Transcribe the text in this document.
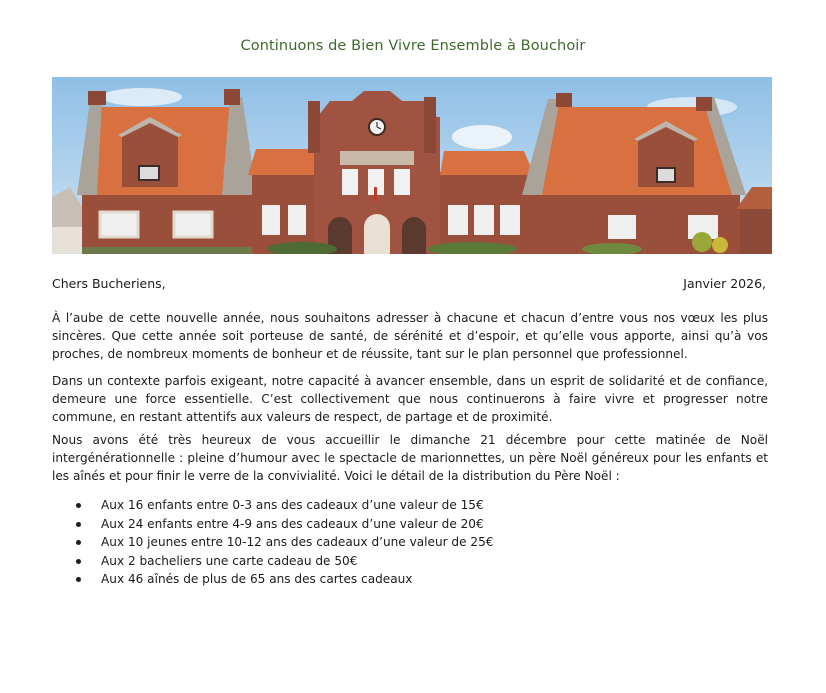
Continuons de Bien Vivre Ensemble à Bouchoir
Chers Bucheriens,	Janvier 2026,
À l’aube de cette nouvelle année, nous souhaitons adresser à chacune et chacun d’entre vous nos vœux les plus sincères. Que cette année soit porteuse de santé, de sérénité et d’espoir, et qu’elle vous apporte, ainsi qu’à vos proches, de nombreux moments de bonheur et de réussite, tant sur le plan personnel que professionnel.
Dans un contexte parfois exigeant, notre capacité à avancer ensemble, dans un esprit de solidarité et de confiance, demeure une force essentielle. C’est collectivement que nous continuerons à faire vivre et progresser notre commune, en restant attentifs aux valeurs de respect, de partage et de proximité.
Nous avons été très heureux de vous accueillir le dimanche 21 décembre pour cette matinée de Noël intergénérationnelle : pleine d’humour avec le spectacle de marionnettes, un père Noël généreux pour les enfants et les aînés et pour finir le verre de la convivialité. Voici le détail de la distribution du Père Noël :
Aux 16 enfants entre 0-3 ans des cadeaux d’une valeur de 15€
Aux 24 enfants entre 4-9 ans des cadeaux d’une valeur de 20€
Aux 10 jeunes entre 10-12 ans des cadeaux d’une valeur de 25€
Aux 2 bacheliers une carte cadeau de 50€
Aux 46 aînés de plus de 65 ans des cartes cadeaux
